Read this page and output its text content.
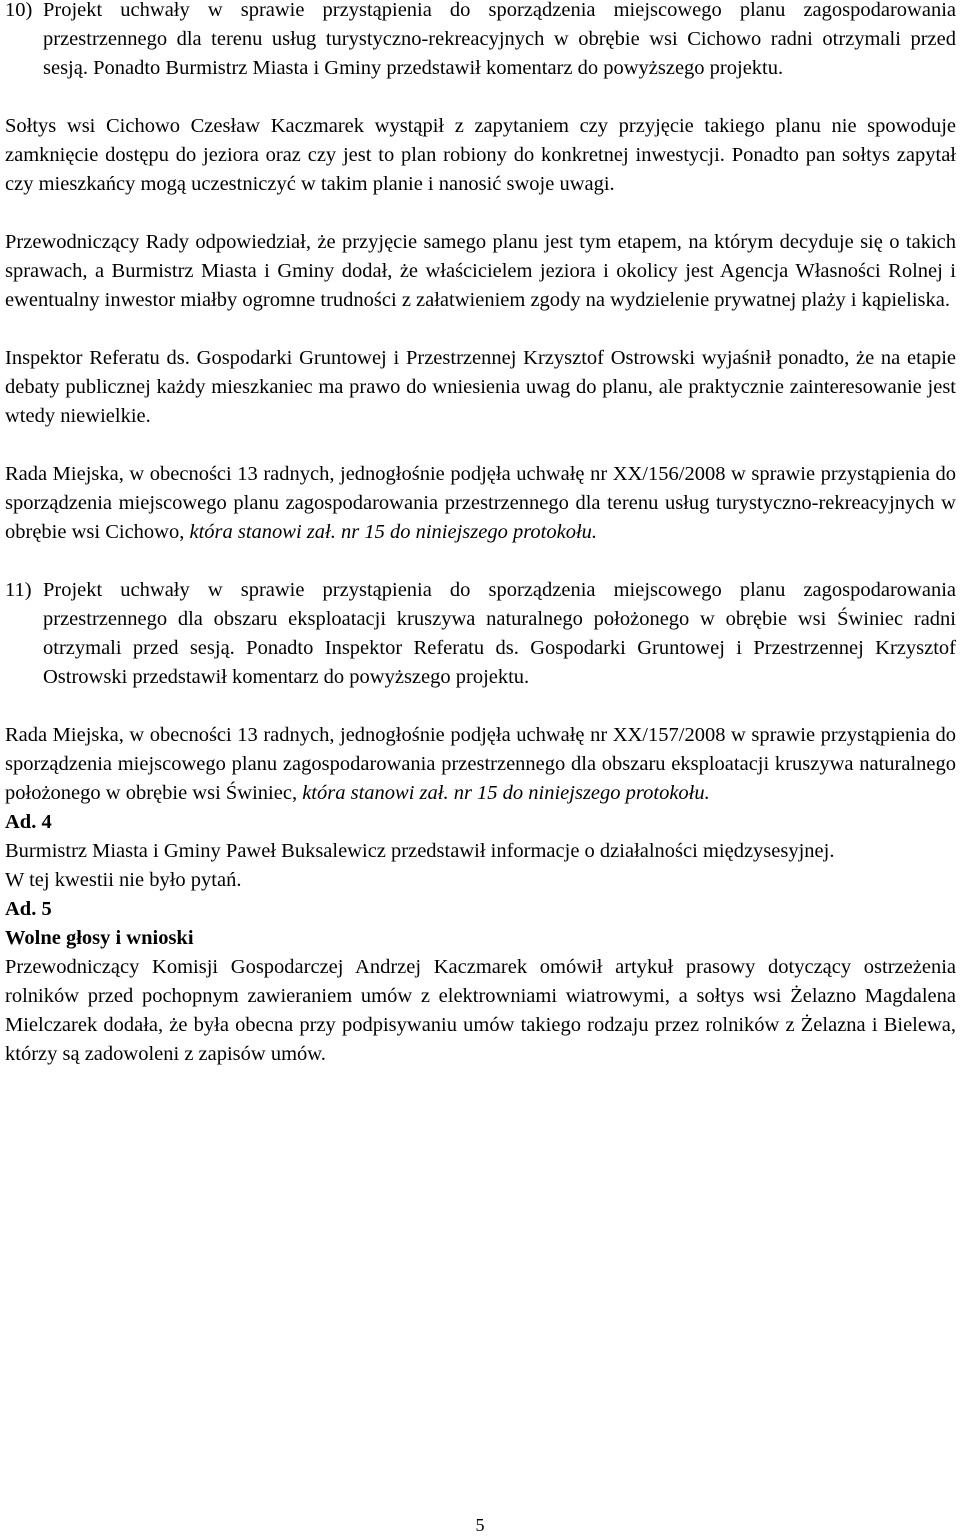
10) Projekt uchwały w sprawie przystąpienia do sporządzenia miejscowego planu zagospodarowania przestrzennego dla terenu usług turystyczno-rekreacyjnych w obrębie wsi Cichowo radni otrzymali przed sesją. Ponadto Burmistrz Miasta i Gminy przedstawił komentarz do powyższego projektu.

Sołtys wsi Cichowo Czesław Kaczmarek wystąpił z zapytaniem czy przyjęcie takiego planu nie spowoduje zamknięcie dostępu do jeziora oraz czy jest to plan robiony do konkretnej inwestycji. Ponadto pan sołtys zapytał czy mieszkańcy mogą uczestniczyć w takim planie i nanosić swoje uwagi.

Przewodniczący Rady odpowiedział, że przyjęcie samego planu jest tym etapem, na którym decyduje się o takich sprawach, a Burmistrz Miasta i Gminy dodał, że właścicielem jeziora i okolicy jest Agencja Własności Rolnej i ewentualny inwestor miałby ogromne trudności z załatwieniem zgody na wydzielenie prywatnej plaży i kąpieliska.

Inspektor Referatu ds. Gospodarki Gruntowej i Przestrzennej Krzysztof Ostrowski wyjaśnił ponadto, że na etapie debaty publicznej każdy mieszkaniec ma prawo do wniesienia uwag do planu, ale praktycznie zainteresowanie jest wtedy niewielkie.

Rada Miejska, w obecności 13 radnych, jednogłośnie podjęła uchwałę nr XX/156/2008 w sprawie przystąpienia do sporządzenia miejscowego planu zagospodarowania przestrzennego dla terenu usług turystyczno-rekreacyjnych w obrębie wsi Cichowo, która stanowi zał. nr 15 do niniejszego protokołu.

11) Projekt uchwały w sprawie przystąpienia do sporządzenia miejscowego planu zagospodarowania przestrzennego dla obszaru eksploatacji kruszywa naturalnego położonego w obrębie wsi Świniec radni otrzymali przed sesją. Ponadto Inspektor Referatu ds. Gospodarki Gruntowej i Przestrzennej Krzysztof Ostrowski przedstawił komentarz do powyższego projektu.

Rada Miejska, w obecności 13 radnych, jednogłośnie podjęła uchwałę nr XX/157/2008 w sprawie przystąpienia do sporządzenia miejscowego planu zagospodarowania przestrzennego dla obszaru eksploatacji kruszywa naturalnego położonego w obrębie wsi Świniec, która stanowi zał. nr 15 do niniejszego protokołu.

Ad. 4

Burmistrz Miasta i Gminy Paweł Buksalewicz przedstawił informacje o działalności międzysesyjnej.

W tej kwestii nie było pytań.

Ad. 5

Wolne głosy i wnioski

Przewodniczący Komisji Gospodarczej Andrzej Kaczmarek omówił artykuł prasowy dotyczący ostrzeżenia rolników przed pochopnym zawieraniem umów z elektrowniami wiatrowymi, a sołtys wsi Żelazno Magdalena Mielczarek dodała, że była obecna przy podpisywaniu umów takiego rodzaju przez rolników z Żelazna i Bielewa, którzy są zadowoleni z zapisów umów.

5
